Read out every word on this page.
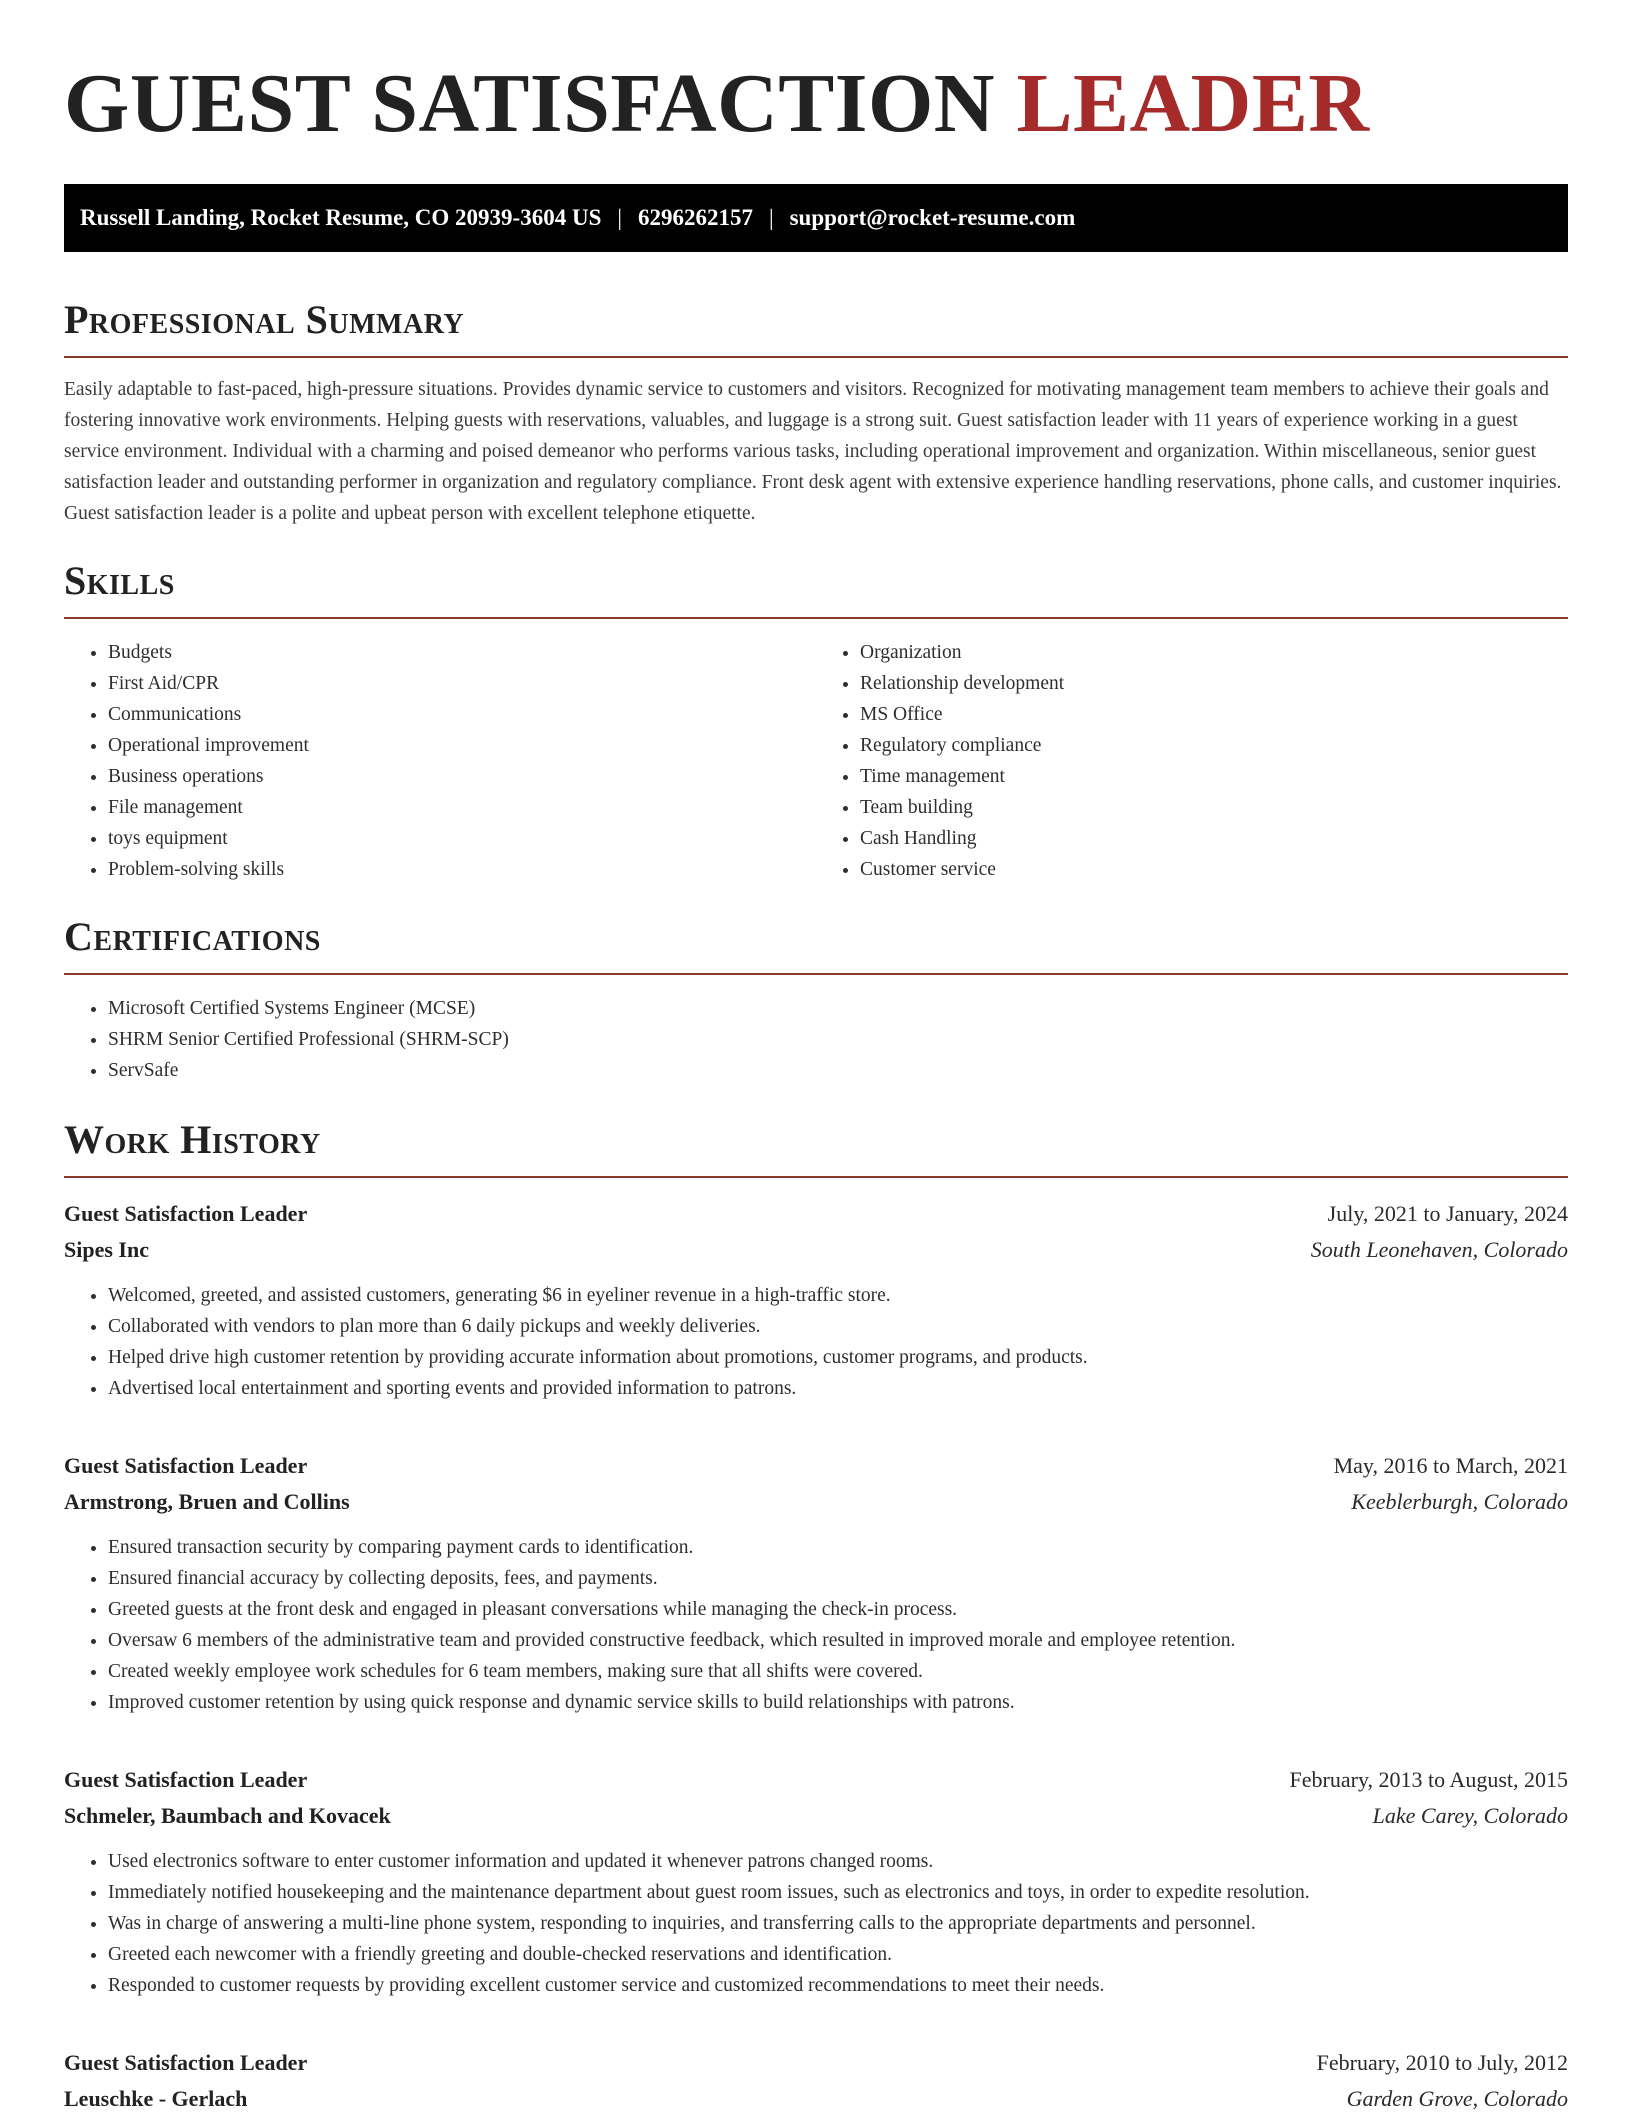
GUEST SATISFACTION LEADER
Russell Landing, Rocket Resume, CO 20939-3604 US | 6296262157 | support@rocket-resume.com
Professional Summary

Easily adaptable to fast-paced, high-pressure situations. Provides dynamic service to customers and visitors. Recognized for motivating management team members to achieve their goals and fostering innovative work environments. Helping guests with reservations, valuables, and luggage is a strong suit. Guest satisfaction leader with 11 years of experience working in a guest service environment. Individual with a charming and poised demeanor who performs various tasks, including operational improvement and organization. Within miscellaneous, senior guest satisfaction leader and outstanding performer in organization and regulatory compliance. Front desk agent with extensive experience handling reservations, phone calls, and customer inquiries. Guest satisfaction leader is a polite and upbeat person with excellent telephone etiquette.

Skills
• Budgets
• First Aid/CPR
• Communications
• Operational improvement
• Business operations
• File management
• toys equipment
• Problem-solving skills
• Organization
• Relationship development
• MS Office
• Regulatory compliance
• Time management
• Team building
• Cash Handling
• Customer service
Certifications
• Microsoft Certified Systems Engineer (MCSE)
• SHRM Senior Certified Professional (SHRM-SCP)
• ServSafe
Work History
Guest Satisfaction Leader	July, 2021 to January, 2024
Sipes Inc	South Leonehaven, Colorado
• Welcomed, greeted, and assisted customers, generating $6 in eyeliner revenue in a high-traffic store.
• Collaborated with vendors to plan more than 6 daily pickups and weekly deliveries.
• Helped drive high customer retention by providing accurate information about promotions, customer programs, and products.
• Advertised local entertainment and sporting events and provided information to patrons.
Guest Satisfaction Leader	May, 2016 to March, 2021
Armstrong, Bruen and Collins	Keeblerburgh, Colorado
• Ensured transaction security by comparing payment cards to identification.
• Ensured financial accuracy by collecting deposits, fees, and payments.
• Greeted guests at the front desk and engaged in pleasant conversations while managing the check-in process.
• Oversaw 6 members of the administrative team and provided constructive feedback, which resulted in improved morale and employee retention.
• Created weekly employee work schedules for 6 team members, making sure that all shifts were covered.
• Improved customer retention by using quick response and dynamic service skills to build relationships with patrons.
Guest Satisfaction Leader	February, 2013 to August, 2015
Schmeler, Baumbach and Kovacek	Lake Carey, Colorado
• Used electronics software to enter customer information and updated it whenever patrons changed rooms.
• Immediately notified housekeeping and the maintenance department about guest room issues, such as electronics and toys, in order to expedite resolution.
• Was in charge of answering a multi-line phone system, responding to inquiries, and transferring calls to the appropriate departments and personnel.
• Greeted each newcomer with a friendly greeting and double-checked reservations and identification.
• Responded to customer requests by providing excellent customer service and customized recommendations to meet their needs.
Guest Satisfaction Leader	February, 2010 to July, 2012
Leuschke - Gerlach	Garden Grove, Colorado
